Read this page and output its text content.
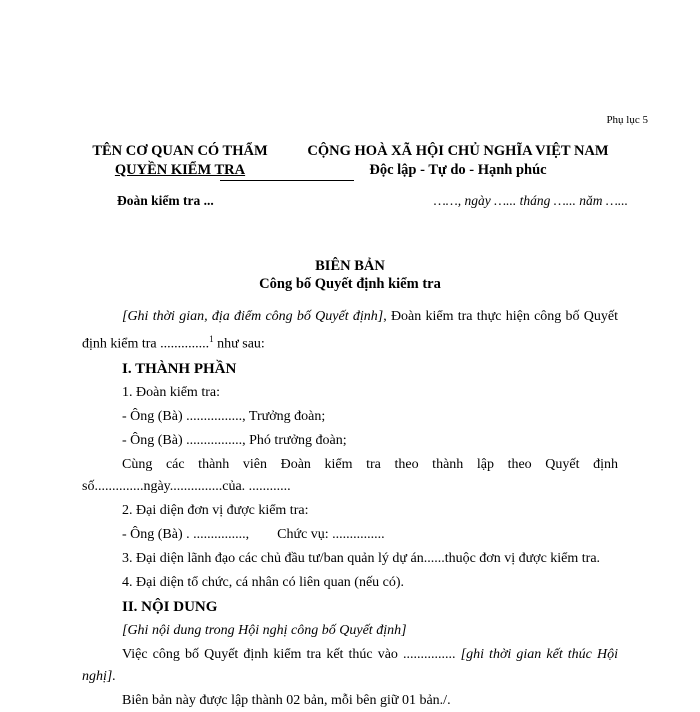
Phụ lục 5
TÊN CƠ QUAN CÓ THẨM
QUYỀN KIỂM TRA
CỘNG HOÀ XÃ HỘI CHỦ NGHĨA VIỆT NAM
Độc lập - Tự do - Hạnh phúc
Đoàn kiểm tra ...	……, ngày …... tháng …... năm …...
BIÊN BẢN
Công bố Quyết định kiểm tra

[Ghi thời gian, địa điểm công bố Quyết định], Đoàn kiểm tra thực hiện công bố Quyết định kiểm tra ..............$^1$ như sau:

I. THÀNH PHẦN

1. Đoàn kiểm tra:

- Ông (Bà) ................, Trưởng đoàn;

- Ông (Bà) ................, Phó trưởng đoàn;

Cùng các thành viên Đoàn kiểm tra theo thành lập theo Quyết định số..............ngày...............của. ............

2. Đại diện đơn vị được kiểm tra:

- Ông (Bà) . ..............., Chức vụ: ...............

3. Đại diện lãnh đạo các chủ đầu tư/ban quản lý dự án......thuộc đơn vị được kiểm tra.

4. Đại diện tổ chức, cá nhân có liên quan (nếu có).

II. NỘI DUNG

[Ghi nội dung trong Hội nghị công bố Quyết định]

Việc công bố Quyết định kiểm tra kết thúc vào ............... [ghi thời gian kết thúc Hội nghị].

Biên bản này được lập thành 02 bản, mỗi bên giữ 01 bản./.
